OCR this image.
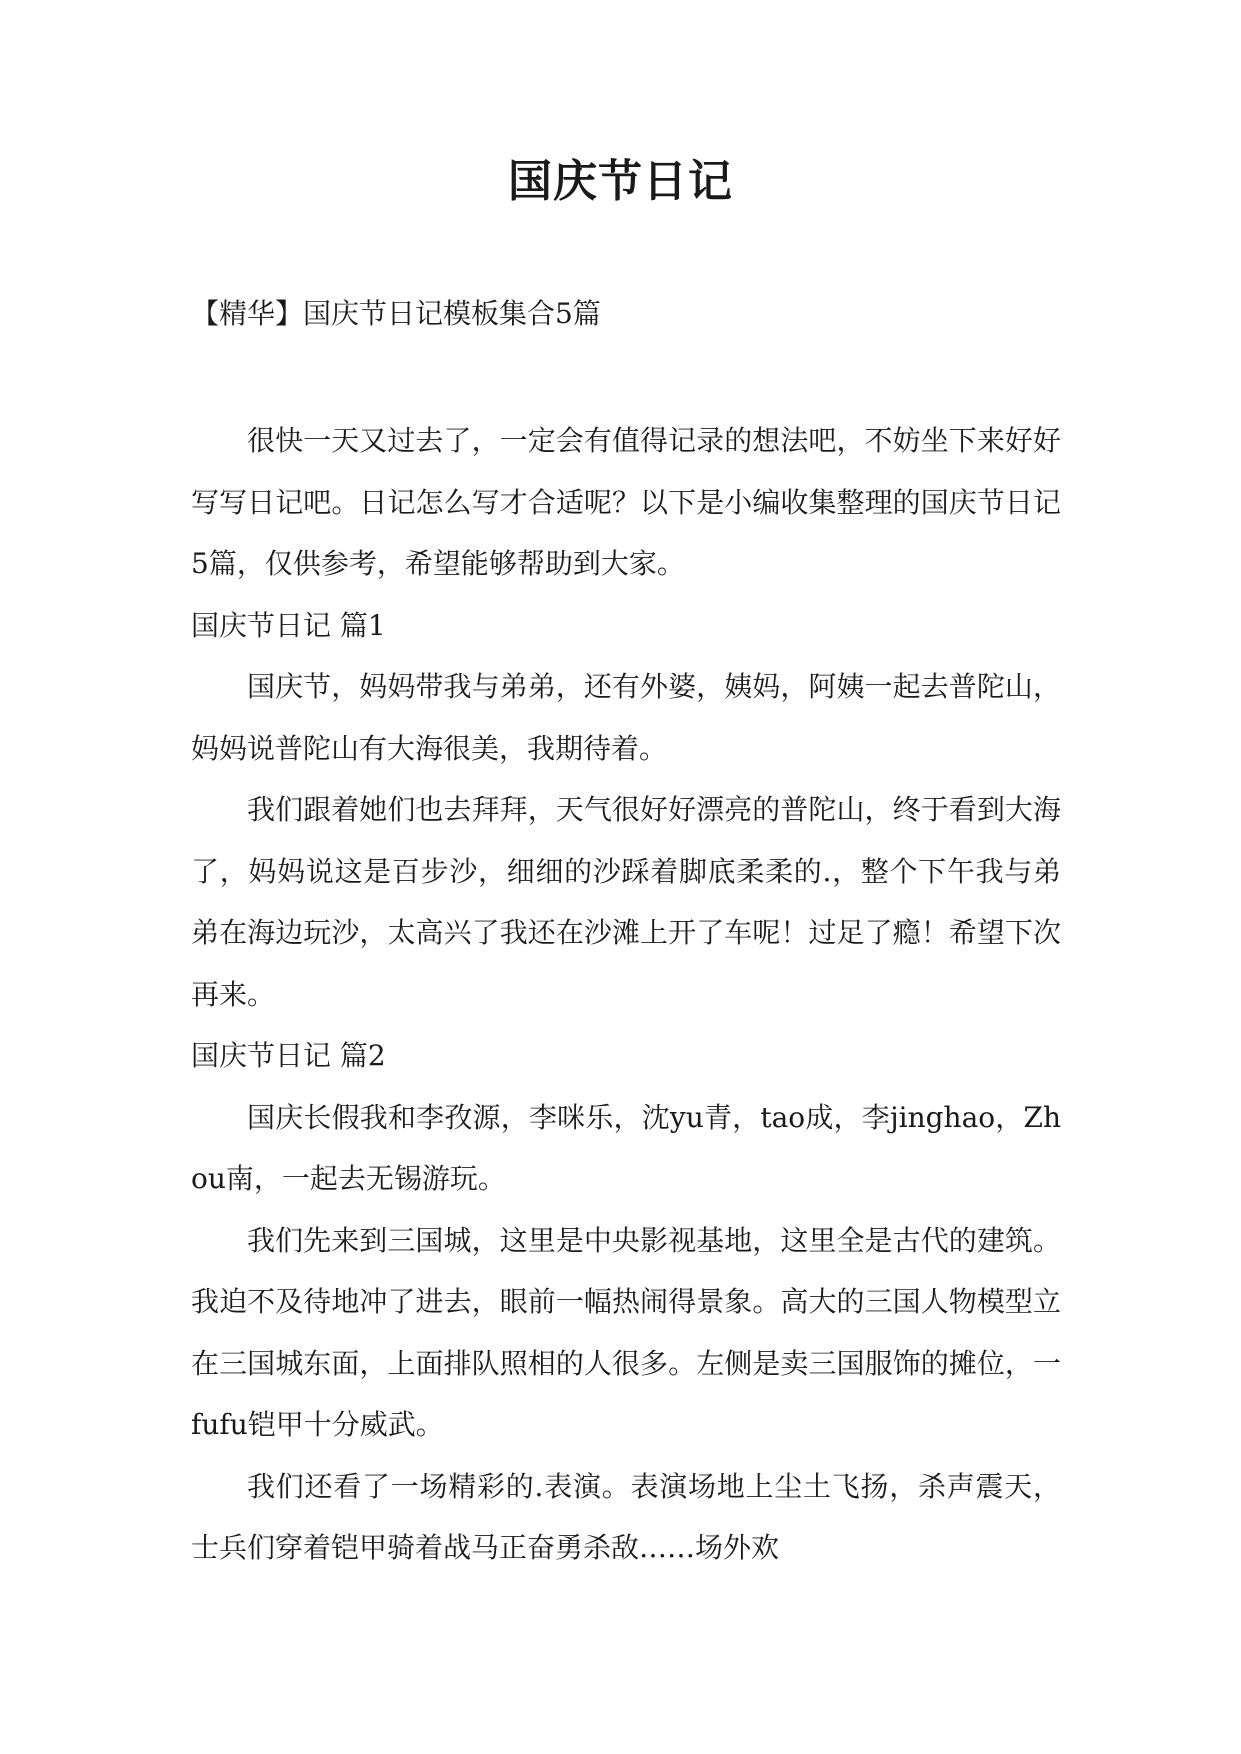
国庆节日记
【精华】国庆节日记模板集合5篇

很快一天又过去了，一定会有值得记录的想法吧，不妨坐下来好好写写日记吧。日记怎么写才合适呢？以下是小编收集整理的国庆节日记5篇，仅供参考，希望能够帮助到大家。

国庆节日记 篇1

国庆节，妈妈带我与弟弟，还有外婆，姨妈，阿姨一起去普陀山，妈妈说普陀山有大海很美，我期待着。

我们跟着她们也去拜拜，天气很好好漂亮的普陀山，终于看到大海了，妈妈说这是百步沙，细细的沙踩着脚底柔柔的.，整个下午我与弟弟在海边玩沙，太高兴了我还在沙滩上开了车呢！过足了瘾！希望下次再来。

国庆节日记 篇2

国庆长假我和李孜源，李咪乐，沈yu青，tao成，李jinghao，Zhou南，一起去无锡游玩。

我们先来到三国城，这里是中央影视基地，这里全是古代的建筑。我迫不及待地冲了进去，眼前一幅热闹得景象。高大的三国人物模型立在三国城东面，上面排队照相的人很多。左侧是卖三国服饰的摊位，一fufu铠甲十分威武。

我们还看了一场精彩的.表演。表演场地上尘土飞扬，杀声震天，士兵们穿着铠甲骑着战马正奋勇杀敌……场外欢
